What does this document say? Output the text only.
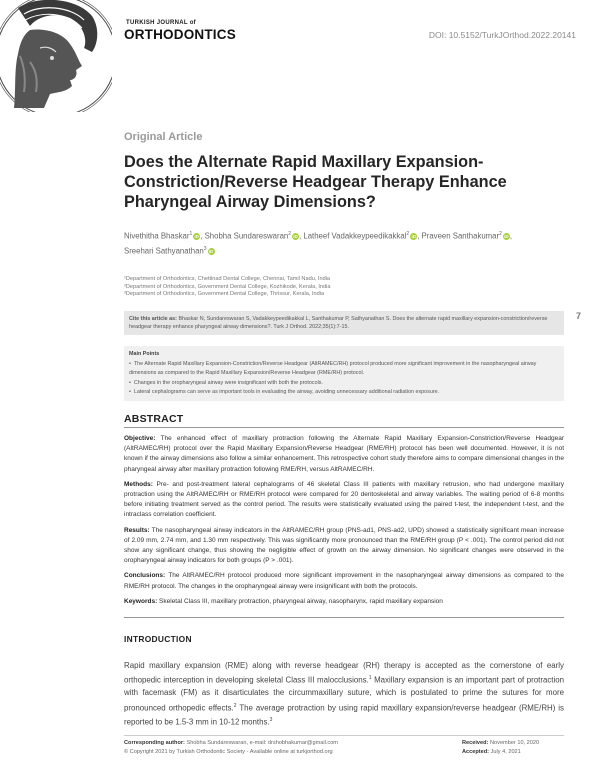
TURKISH JOURNAL of
ORTHODONTICS	DOI: 10.5152/TurkJOrthod.2022.20141
Original Article
Does the Alternate Rapid Maxillary Expansion-Constriction/Reverse Headgear Therapy Enhance Pharyngeal Airway Dimensions?
Nivethitha Bhaskar$^1$ iD, Shobha Sundareswaran$^2$ iD, Latheef Vadakkeypeedikakkal$^2$ iD, Praveen Santhakumar$^2$ iD,
Sreehari Sathyanathan$^3$ iD
¹Department of Orthodontics, Chettinad Dental College, Chennai, Tamil Nadu, India
²Department of Orthodontics, Government Dental College, Kozhikode, Kerala, India
³Department of Orthodontics, Government Dental College, Thrissur, Kerala, India
Cite this article as: Bhaskar N, Sundareswaran S, Vadakkeypeedikakkal L, Santhakumar P, Sathyanathan S. Does the alternate rapid maxillary expansion-constriction/reverse headgear therapy enhance pharyngeal airway dimensions?. Turk J Orthod. 2022;35(1):7-15.
7
Main Points
• The Alternate Rapid Maxillary Expansion-Constriction/Reverse Headgear (AltRAMEC/RH) protocol produced more significant improvement in the nasopharyngeal airway dimensions as compared to the Rapid Maxillary Expansion/Reverse Headgear (RME/RH) protocol.
• Changes in the oropharyngeal airway were insignificant with both the protocols.
• Lateral cephalograms can serve as important tools in evaluating the airway, avoiding unnecessary additional radiation exposure.
ABSTRACT

Objective: The enhanced effect of maxillary protraction following the Alternate Rapid Maxillary Expansion-Constriction/Reverse Headgear (AltRAMEC/RH) protocol over the Rapid Maxillary Expansion/Reverse Headgear (RME/RH) protocol has been well documented. However, it is not known if the airway dimensions also follow a similar enhancement. This retrospective cohort study therefore aims to compare dimensional changes in the pharyngeal airway after maxillary protraction following RME/RH, versus AltRAMEC/RH.

Methods: Pre- and post-treatment lateral cephalograms of 46 skeletal Class III patients with maxillary retrusion, who had undergone maxillary protraction using the AltRAMEC/RH or RME/RH protocol were compared for 20 dentoskeletal and airway variables. The waiting period of 6-8 months before initiating treatment served as the control period. The results were statistically evaluated using the paired t-test, the independent t-test, and the intraclass correlation coefficient.

Results: The nasopharyngeal airway indicators in the AltRAMEC/RH group (PNS-ad1, PNS-ad2, UPD) showed a statistically significant mean increase of 2.09 mm, 2.74 mm, and 1.30 mm respectively. This was significantly more pronounced than the RME/RH group (P < .001). The control period did not show any significant change, thus showing the negligible effect of growth on the airway dimension. No significant changes were observed in the oropharyngeal airway indicators for both groups (P > .001).

Conclusions: The AltRAMEC/RH protocol produced more significant improvement in the nasopharyngeal airway dimensions as compared to the RME/RH protocol. The changes in the oropharyngeal airway were insignificant with both the protocols.

Keywords: Skeletal Class III, maxillary protraction, pharyngeal airway, nasopharynx, rapid maxillary expansion

INTRODUCTION
Rapid maxillary expansion (RME) along with reverse headgear (RH) therapy is accepted as the cornerstone of early orthopedic interception in developing skeletal Class III malocclusions.$^1$ Maxillary expansion is an important part of protraction with facemask (FM) as it disarticulates the circummaxillary suture, which is postulated to prime the sutures for more pronounced orthopedic effects.$^2$ The average protraction by using rapid maxillary expansion/reverse headgear (RME/RH) is reported to be 1.5-3 mm in 10-12 months.$^3$
Corresponding author: Shobha Sundareswaran, e-mail: drshobhakumar@gmail.com
© Copyright 2021 by Turkish Orthodontic Society - Available online at turkjorthod.org
Received: November 10, 2020
Accepted: July 4, 2021
